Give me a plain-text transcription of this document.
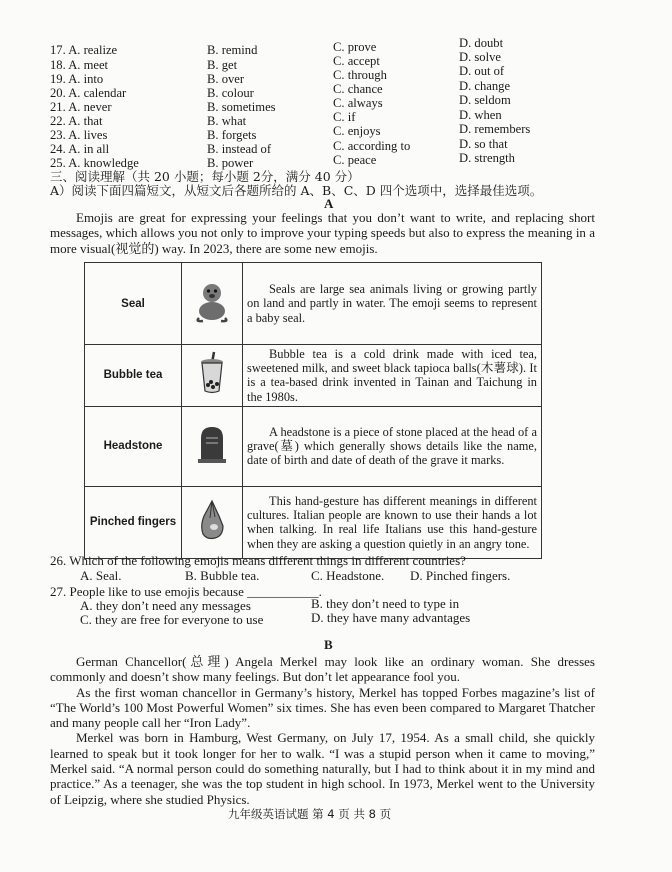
17. A. realize	B. remind	C. prove	D. doubt
18. A. meet	B. get	C. accept	D. solve
19. A. into	B. over	C. through	D. out of
20. A. calendar	B. colour	C. chance	D. change
21. A. never	B. sometimes	C. always	D. seldom
22. A. that	B. what	C. if	D. when
23. A. lives	B. forgets	C. enjoys	D. remembers
24. A. in all	B. instead of	C. according to	D. so that
25. A. knowledge	B. power	C. peace	D. strength
三、阅读理解（共 20 小题；每小题 2分，满分 40 分）
A）阅读下面四篇短文，从短文后各题所给的 A、B、C、D 四个选项中，选择最佳选项。
A

Emojis are great for expressing your feelings that you don’t want to write, and replacing short messages, which allows you not only to improve your typing speeds but also to express the meaning in a more visual(视觉的) way. In 2023, there are some new emojis.

Seal		Seals are large sea animals living or growing partly on land and partly in water. The emoji seems to represent a baby seal.

Bubble tea		Bubble tea is a cold drink made with iced tea, sweetened milk, and sweet black tapioca balls(木薯球). It is a tea-based drink invented in Tainan and Taichung in the 1980s.

Headstone		A headstone is a piece of stone placed at the head of a grave(墓) which generally shows details like the name, date of birth and date of death of the grave it marks.

Pinched fingers		This hand-gesture has different meanings in different cultures. Italian people are known to use their hands a lot when talking. In real life Italians use this hand-gesture when they are asking a question quietly in an angry tone.
26. Which of the following emojis means different things in different countries?
A. Seal.	B. Bubble tea.	C. Headstone. D. Pinched fingers.
27. People like to use emojis because ___________.
A. they don’t need any messages	B. they don’t need to type in
C. they are free for everyone to use	D. they have many advantages
B

German Chancellor(总理) Angela Merkel may look like an ordinary woman. She dresses commonly and doesn’t show many feelings. But don’t let appearance fool you.

As the first woman chancellor in Germany’s history, Merkel has topped Forbes magazine’s list of “The World’s 100 Most Powerful Women” six times. She has even been compared to Margaret Thatcher and many people call her “Iron Lady”.

Merkel was born in Hamburg, West Germany, on July 17, 1954. As a small child, she quickly learned to speak but it took longer for her to walk. “I was a stupid person when it came to moving,” Merkel said. “A normal person could do something naturally, but I had to think about it in my mind and practice.” As a teenager, she was the top student in high school. In 1973, Merkel went to the University of Leipzig, where she studied Physics.

九年级英语试题 第 4 页 共 8 页
